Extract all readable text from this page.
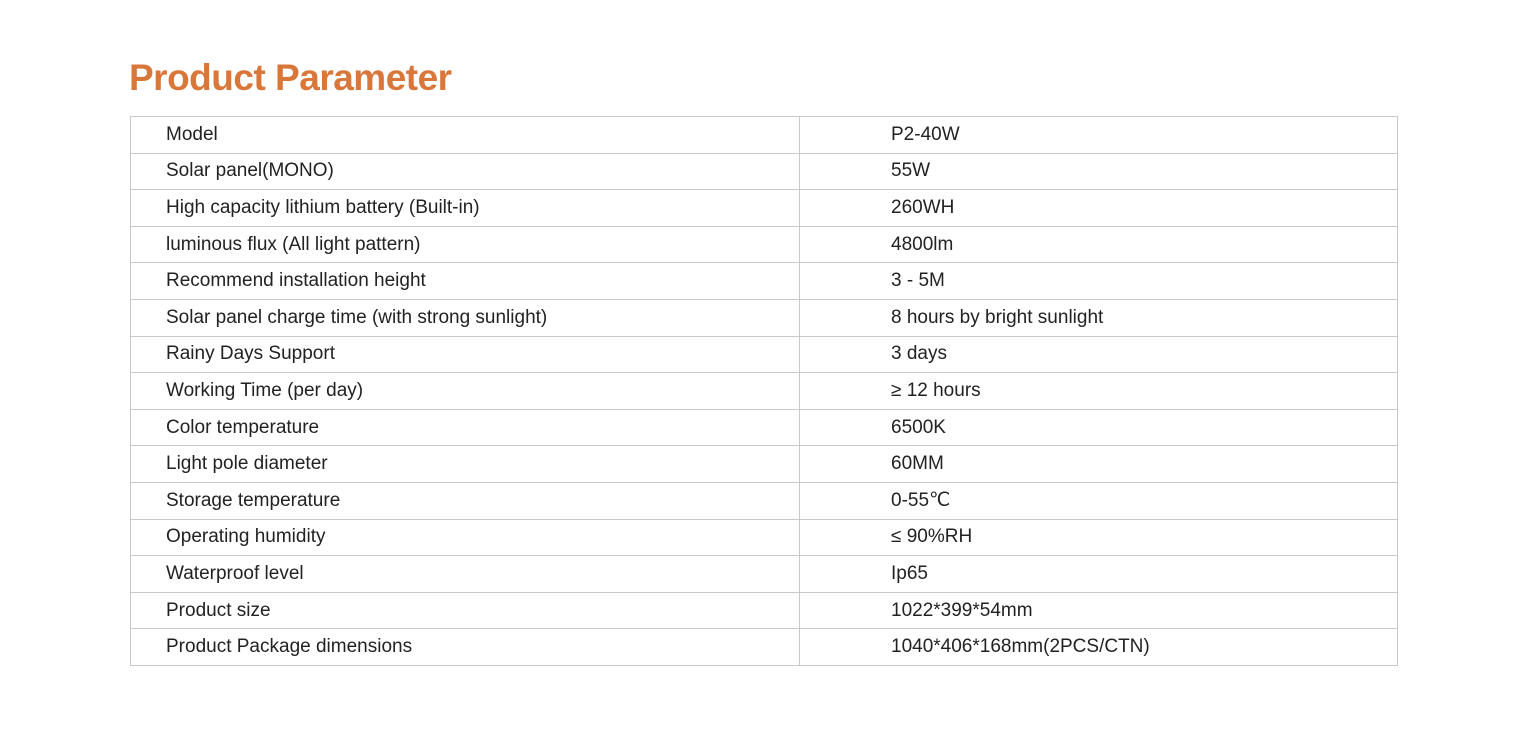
Product Parameter
Model	P2-40W
Solar panel(MONO)	55W
High capacity lithium battery (Built-in)	260WH
luminous flux (All light pattern)	4800lm
Recommend installation height	3 - 5M
Solar panel charge time (with strong sunlight)	8 hours by bright sunlight
Rainy Days Support	3 days
Working Time (per day)	≥ 12 hours
Color temperature	6500K
Light pole diameter	60MM
Storage temperature	0-55℃
Operating humidity	≤ 90%RH
Waterproof level	Ip65
Product size	1022*399*54mm
Product Package dimensions	1040*406*168mm(2PCS/CTN)
